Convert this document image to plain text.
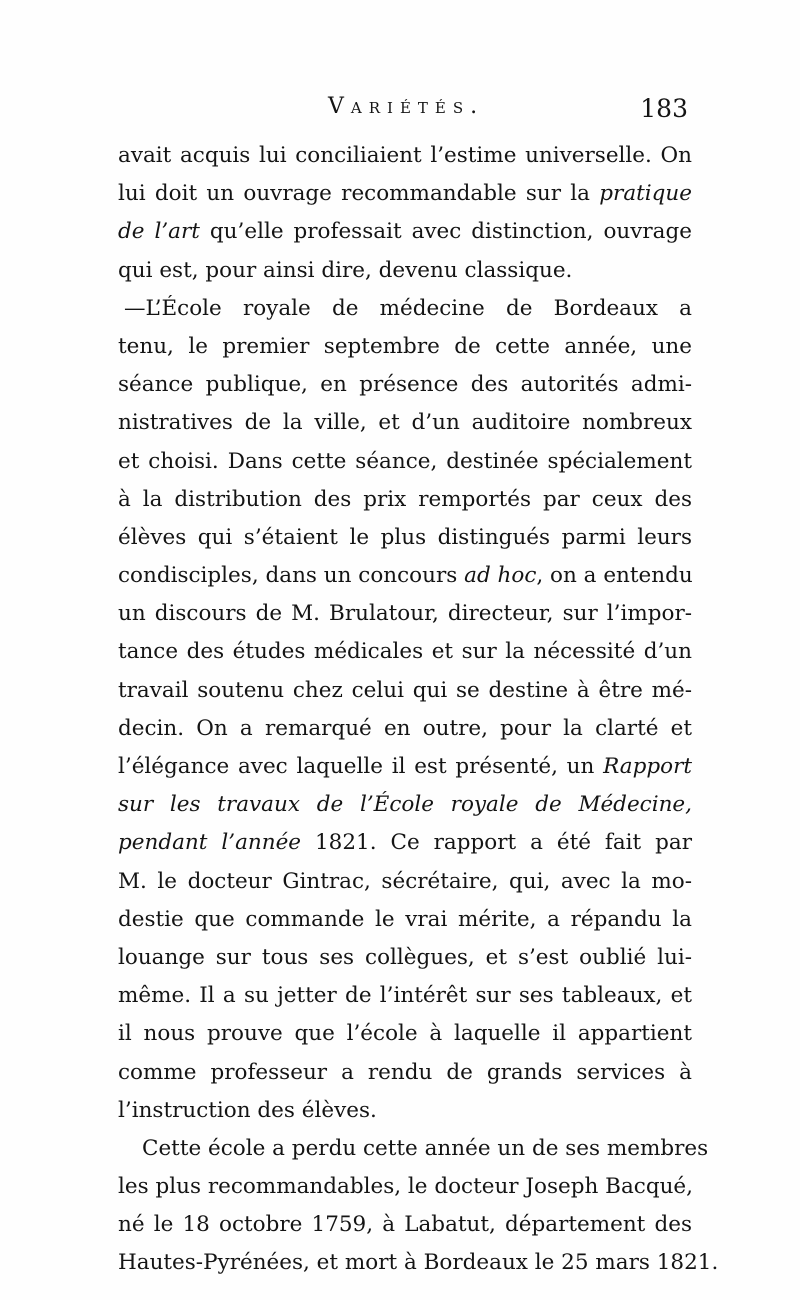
Variétés.	183
avait acquis lui conciliaient l’estime universelle. On
lui doit un ouvrage recommandable sur la pratique
de l’art qu’elle professait avec distinction, ouvrage
qui est, pour ainsi dire, devenu classique.
—L’École royale de médecine de Bordeaux a
tenu, le premier septembre de cette année, une
séance publique, en présence des autorités admi-
nistratives de la ville, et d’un auditoire nombreux
et choisi. Dans cette séance, destinée spécialement
à la distribution des prix remportés par ceux des
élèves qui s’étaient le plus distingués parmi leurs
condisciples, dans un concours ad hoc, on a entendu
un discours de M. Brulatour, directeur, sur l’impor-
tance des études médicales et sur la nécessité d’un
travail soutenu chez celui qui se destine à être mé-
decin. On a remarqué en outre, pour la clarté et
l’élégance avec laquelle il est présenté, un Rapport
sur les travaux de l’École royale de Médecine,
pendant l’année 1821. Ce rapport a été fait par
M. le docteur Gintrac, sécrétaire, qui, avec la mo-
destie que commande le vrai mérite, a répandu la
louange sur tous ses collègues, et s’est oublié lui-
même. Il a su jetter de l’intérêt sur ses tableaux, et
il nous prouve que l’école à laquelle il appartient
comme professeur a rendu de grands services à
l’instruction des élèves.
Cette école a perdu cette année un de ses membres
les plus recommandables, le docteur Joseph Bacqué,
né le 18 octobre 1759, à Labatut, département des
Hautes-Pyrénées, et mort à Bordeaux le 25 mars 1821.
